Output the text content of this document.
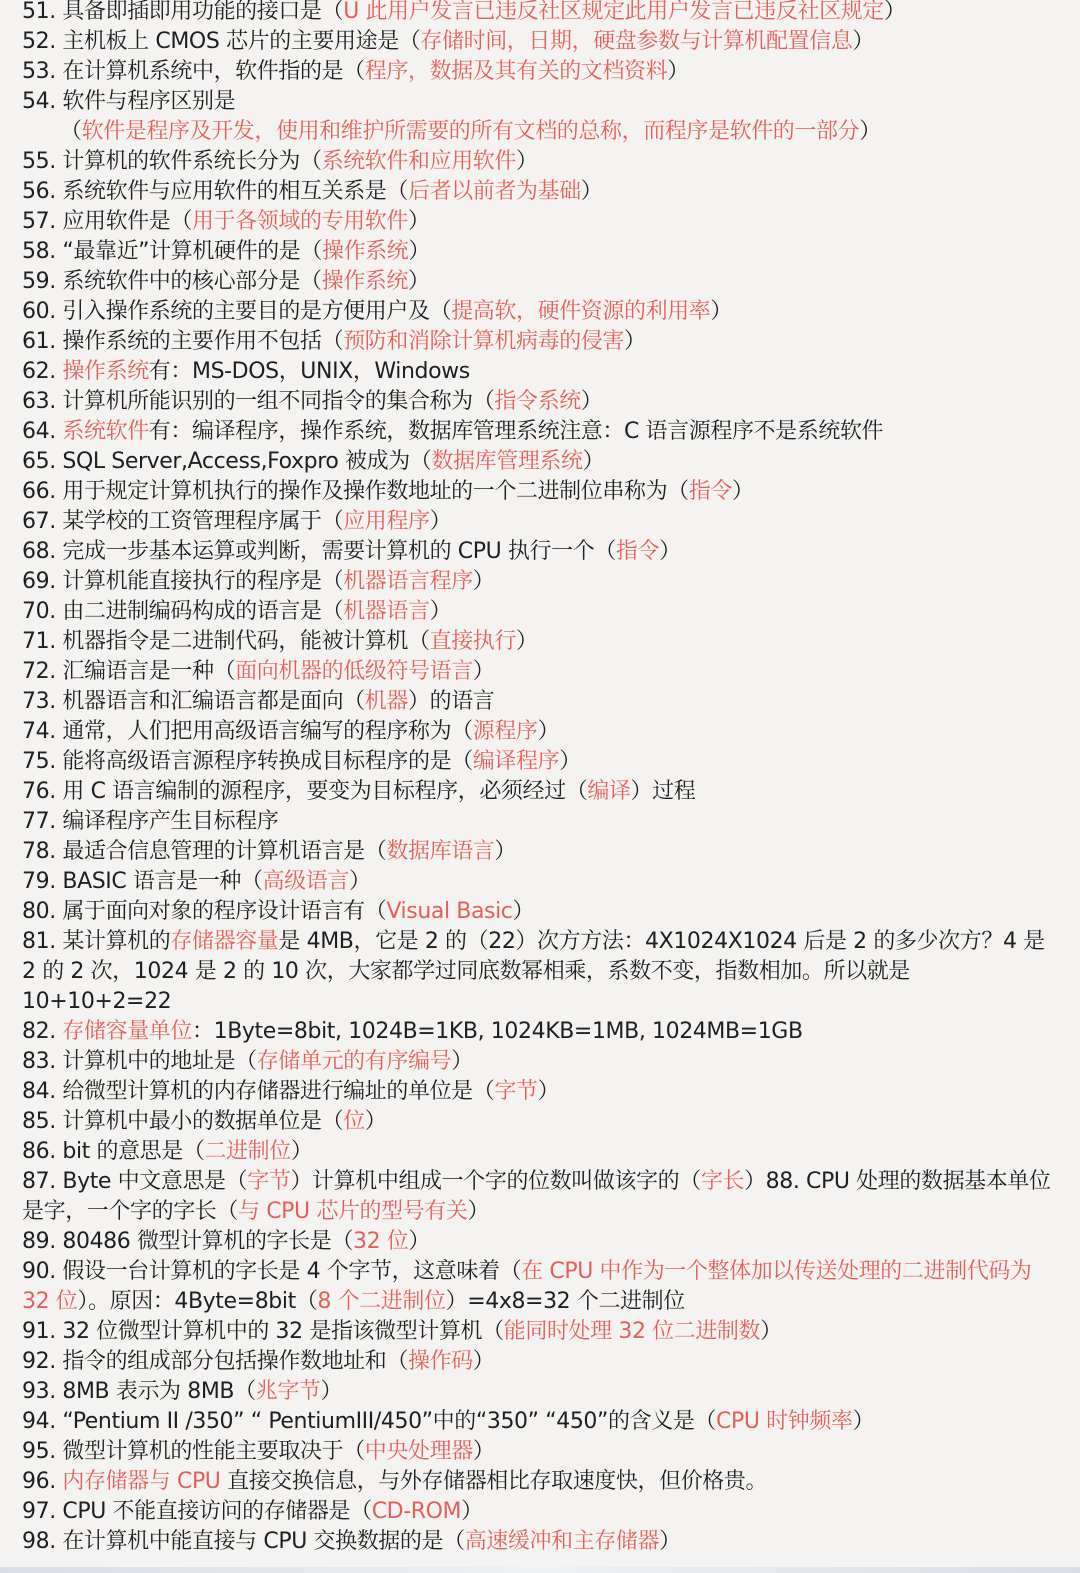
51. 具备即插即用功能的接口是（U 此用户发言已违反社区规定此用户发言已违反社区规定）
52. 主机板上 CMOS 芯片的主要用途是（存储时间，日期，硬盘参数与计算机配置信息）
53. 在计算机系统中，软件指的是（程序，数据及其有关的文档资料）
54. 软件与程序区别是
（软件是程序及开发，使用和维护所需要的所有文档的总称，而程序是软件的一部分）
55. 计算机的软件系统长分为（系统软件和应用软件）
56. 系统软件与应用软件的相互关系是（后者以前者为基础）
57. 应用软件是（用于各领域的专用软件）
58. “最靠近”计算机硬件的是（操作系统）
59. 系统软件中的核心部分是（操作系统）
60. 引入操作系统的主要目的是方便用户及（提高软，硬件资源的利用率）
61. 操作系统的主要作用不包括（预防和消除计算机病毒的侵害）
62. 操作系统有：MS-DOS，UNIX，Windows
63. 计算机所能识别的一组不同指令的集合称为（指令系统）
64. 系统软件有：编译程序，操作系统，数据库管理系统注意：C 语言源程序不是系统软件
65. SQL Server,Access,Foxpro 被成为（数据库管理系统）
66. 用于规定计算机执行的操作及操作数地址的一个二进制位串称为（指令）
67. 某学校的工资管理程序属于（应用程序）
68. 完成一步基本运算或判断，需要计算机的 CPU 执行一个（指令）
69. 计算机能直接执行的程序是（机器语言程序）
70. 由二进制编码构成的语言是（机器语言）
71. 机器指令是二进制代码，能被计算机（直接执行）
72. 汇编语言是一种（面向机器的低级符号语言）
73. 机器语言和汇编语言都是面向（机器）的语言
74. 通常，人们把用高级语言编写的程序称为（源程序）
75. 能将高级语言源程序转换成目标程序的是（编译程序）
76. 用 C 语言编制的源程序，要变为目标程序，必须经过（编译）过程
77. 编译程序产生目标程序
78. 最适合信息管理的计算机语言是（数据库语言）
79. BASIC 语言是一种（高级语言）
80. 属于面向对象的程序设计语言有（Visual Basic）
81. 某计算机的存储器容量是 4MB，它是 2 的（22）次方方法：4X1024X1024 后是 2 的多少次方？4 是 2 的 2 次，1024 是 2 的 10 次，大家都学过同底数幂相乘，系数不变，指数相加。所以就是 10+10+2=22
82. 存储容量单位：1Byte=8bit, 1024B=1KB, 1024KB=1MB, 1024MB=1GB
83. 计算机中的地址是（存储单元的有序编号）
84. 给微型计算机的内存储器进行编址的单位是（字节）
85. 计算机中最小的数据单位是（位）
86. bit 的意思是（二进制位）
87. Byte 中文意思是（字节）计算机中组成一个字的位数叫做该字的（字长）88. CPU 处理的数据基本单位是字，一个字的字长（与 CPU 芯片的型号有关）
89. 80486 微型计算机的字长是（32 位）
90. 假设一台计算机的字长是 4 个字节，这意味着（在 CPU 中作为一个整体加以传送处理的二进制代码为 32 位）。原因：4Byte=8bit（8 个二进制位）=4x8=32 个二进制位
91. 32 位微型计算机中的 32 是指该微型计算机（能同时处理 32 位二进制数）
92. 指令的组成部分包括操作数地址和（操作码）
93. 8MB 表示为 8MB（兆字节）
94. “Pentium II /350” “ PentiumIII/450”中的“350” “450”的含义是（CPU 时钟频率）
95. 微型计算机的性能主要取决于（中央处理器）
96. 内存储器与 CPU 直接交换信息，与外存储器相比存取速度快，但价格贵。
97. CPU 不能直接访问的存储器是（CD-ROM）
98. 在计算机中能直接与 CPU 交换数据的是（高速缓冲和主存储器）
